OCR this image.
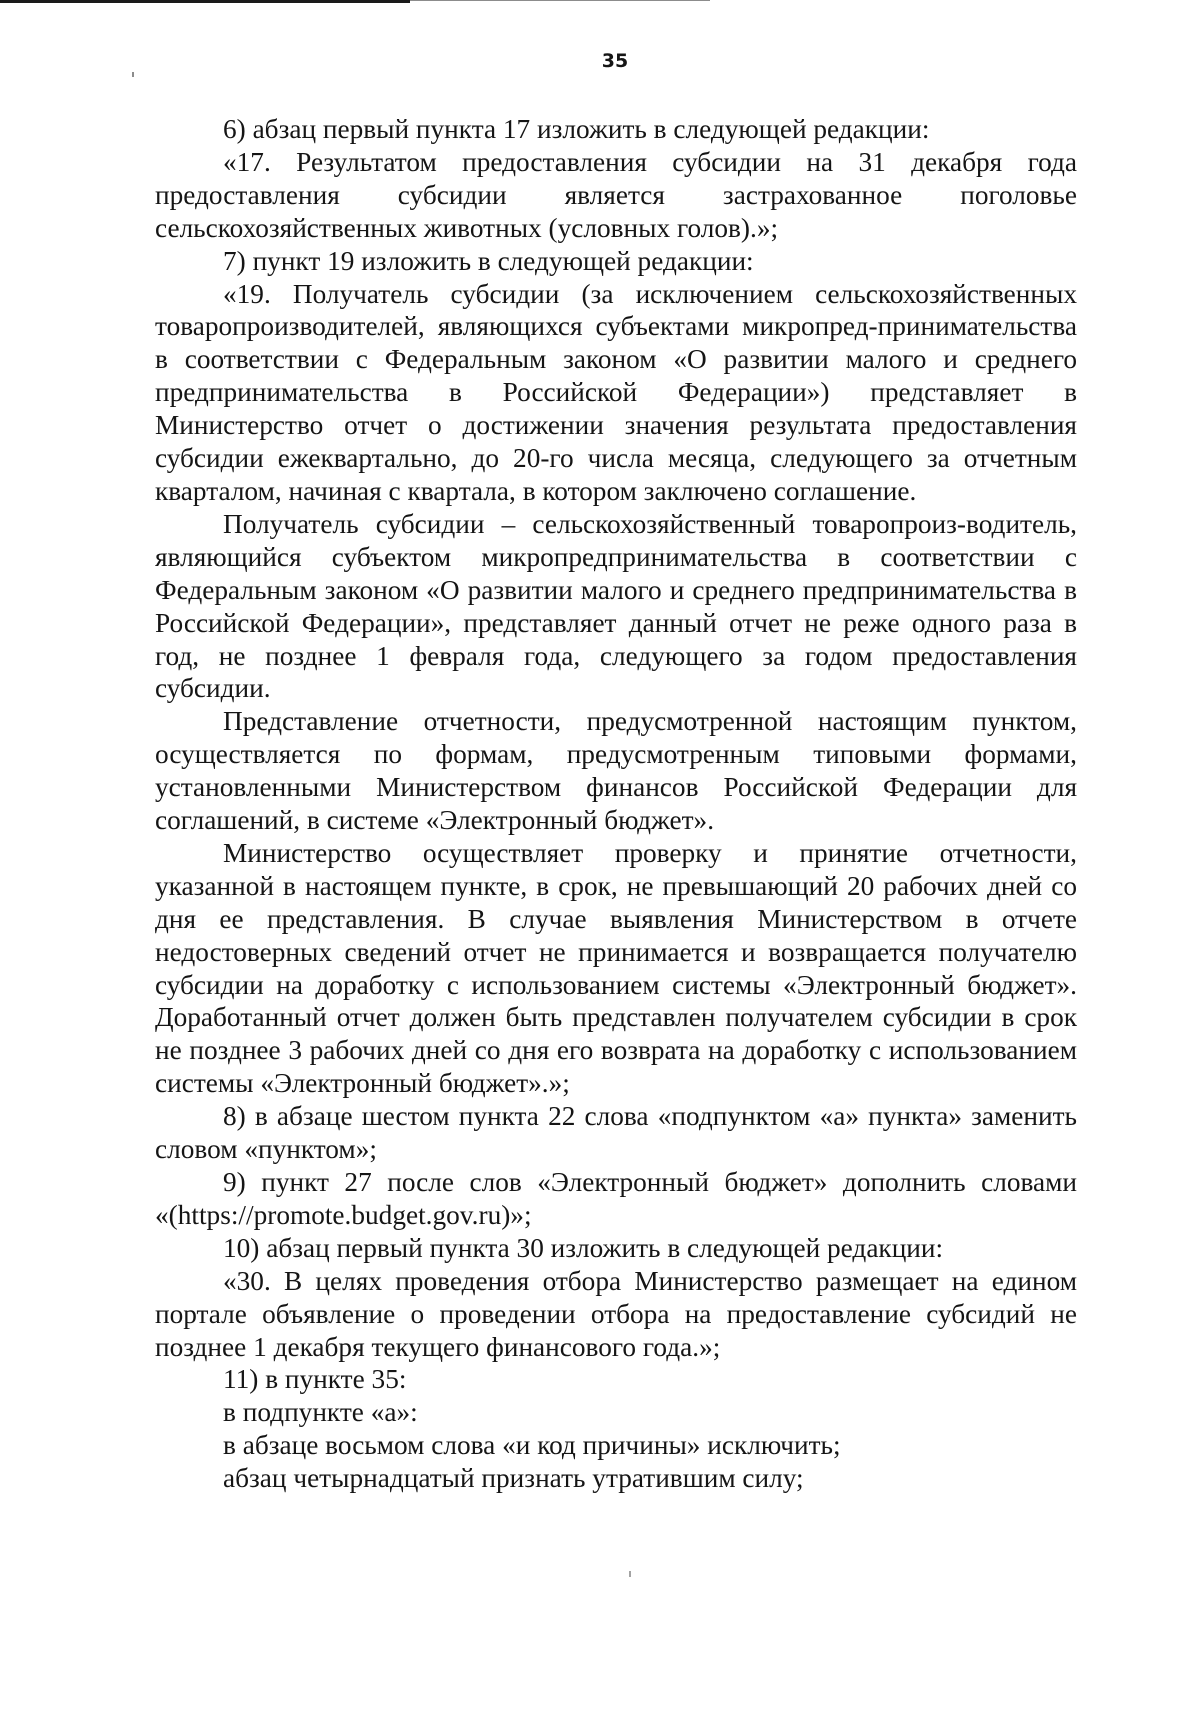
35

6) абзац первый пункта 17 изложить в следующей редакции:

«17. Результатом предоставления субсидии на 31 декабря года предоставления субсидии является застрахованное поголовье сельскохозяйственных животных (условных голов).»;

7) пункт 19 изложить в следующей редакции:

«19. Получатель субсидии (за исключением сельскохозяйственных товаропроизводителей, являющихся субъектами микропред-принимательства в соответствии с Федеральным законом «О развитии малого и среднего предпринимательства в Российской Федерации») представляет в Министерство отчет о достижении значения результата предоставления субсидии ежеквартально, до 20-го числа месяца, следующего за отчетным кварталом, начиная с квартала, в котором заключено соглашение.

Получатель субсидии – сельскохозяйственный товаропроиз-водитель, являющийся субъектом микропредпринимательства в соответствии с Федеральным законом «О развитии малого и среднего предпринимательства в Российской Федерации», представляет данный отчет не реже одного раза в год, не позднее 1 февраля года, следующего за годом предоставления субсидии.

Представление отчетности, предусмотренной настоящим пунктом, осуществляется по формам, предусмотренным типовыми формами, установленными Министерством финансов Российской Федерации для соглашений, в системе «Электронный бюджет».

Министерство осуществляет проверку и принятие отчетности, указанной в настоящем пункте, в срок, не превышающий 20 рабочих дней со дня ее представления. В случае выявления Министерством в отчете недостоверных сведений отчет не принимается и возвращается получателю субсидии на доработку с использованием системы «Электронный бюджет». Доработанный отчет должен быть представлен получателем субсидии в срок не позднее 3 рабочих дней со дня его возврата на доработку с использованием системы «Электронный бюджет».»;

8) в абзаце шестом пункта 22 слова «подпунктом «а» пункта» заменить словом «пунктом»;

9) пункт 27 после слов «Электронный бюджет» дополнить словами «(https://promote.budget.gov.ru)»;

10) абзац первый пункта 30 изложить в следующей редакции:

«30. В целях проведения отбора Министерство размещает на едином портале объявление о проведении отбора на предоставление субсидий не позднее 1 декабря текущего финансового года.»;

11) в пункте 35:

в подпункте «а»:

в абзаце восьмом слова «и код причины» исключить;

абзац четырнадцатый признать утратившим силу;
